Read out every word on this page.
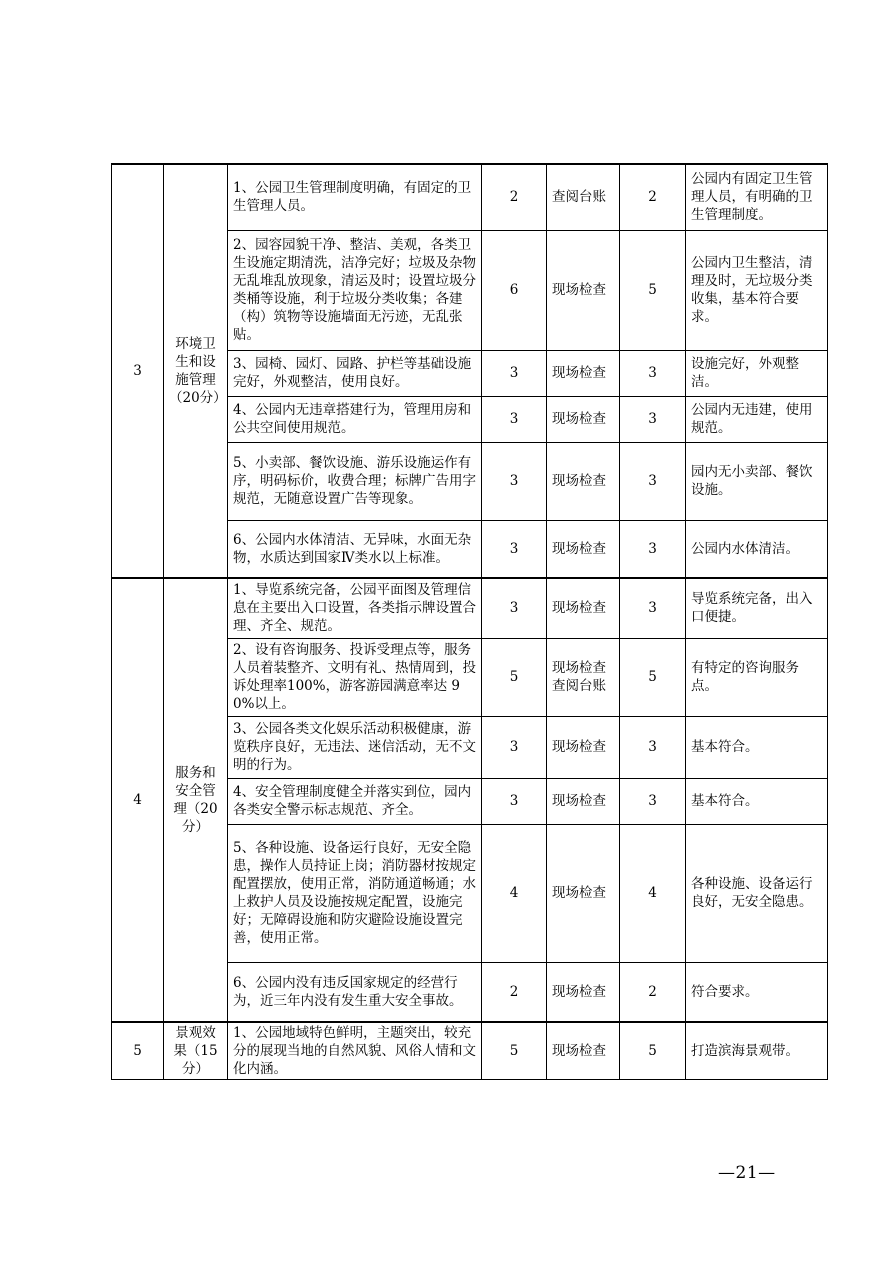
3	环境卫生和设施管理（20分）	1、公园卫生管理制度明确，有固定的卫生管理人员。	2	查阅台账	2	公园内有固定卫生管理人员，有明确的卫生管理制度。
		2、园容园貌干净、整洁、美观，各类卫生设施定期清洗，洁净完好；垃圾及杂物无乱堆乱放现象，清运及时；设置垃圾分类桶等设施，利于垃圾分类收集；各建（构）筑物等设施墙面无污迹，无乱张贴。	6	现场检查	5	公园内卫生整洁，清理及时，无垃圾分类收集，基本符合要求。
		3、园椅、园灯、园路、护栏等基础设施完好，外观整洁，使用良好。	3	现场检查	3	设施完好，外观整洁。
		4、公园内无违章搭建行为，管理用房和公共空间使用规范。	3	现场检查	3	公园内无违建，使用规范。
		5、小卖部、餐饮设施、游乐设施运作有序，明码标价，收费合理；标牌广告用字规范，无随意设置广告等现象。	3	现场检查	3	园内无小卖部、餐饮设施。
		6、公园内水体清洁、无异味，水面无杂物，水质达到国家Ⅳ类水以上标准。	3	现场检查	3	公园内水体清洁。
4	服务和安全管理（20分）	1、导览系统完备，公园平面图及管理信息在主要出入口设置，各类指示牌设置合理、齐全、规范。	3	现场检查	3	导览系统完备，出入口便捷。
		2、设有咨询服务、投诉受理点等，服务人员着装整齐、文明有礼、热情周到，投诉处理率100%，游客游园满意率达 90%以上。	5	现场检查查阅台账	5	有特定的咨询服务点。
		3、公园各类文化娱乐活动积极健康，游览秩序良好，无违法、迷信活动，无不文明的行为。	3	现场检查	3	基本符合。
		4、安全管理制度健全并落实到位，园内各类安全警示标志规范、齐全。	3	现场检查	3	基本符合。
		5、各种设施、设备运行良好，无安全隐患，操作人员持证上岗；消防器材按规定配置摆放，使用正常，消防通道畅通；水上救护人员及设施按规定配置，设施完好；无障碍设施和防灾避险设施设置完善，使用正常。	4	现场检查	4	各种设施、设备运行良好，无安全隐患。
		6、公园内没有违反国家规定的经营行为，近三年内没有发生重大安全事故。	2	现场检查	2	符合要求。
5	景观效果（15分）	1、公园地域特色鲜明，主题突出，较充分的展现当地的自然风貌、风俗人情和文化内涵。	5	现场检查	5	打造滨海景观带。
—21—
